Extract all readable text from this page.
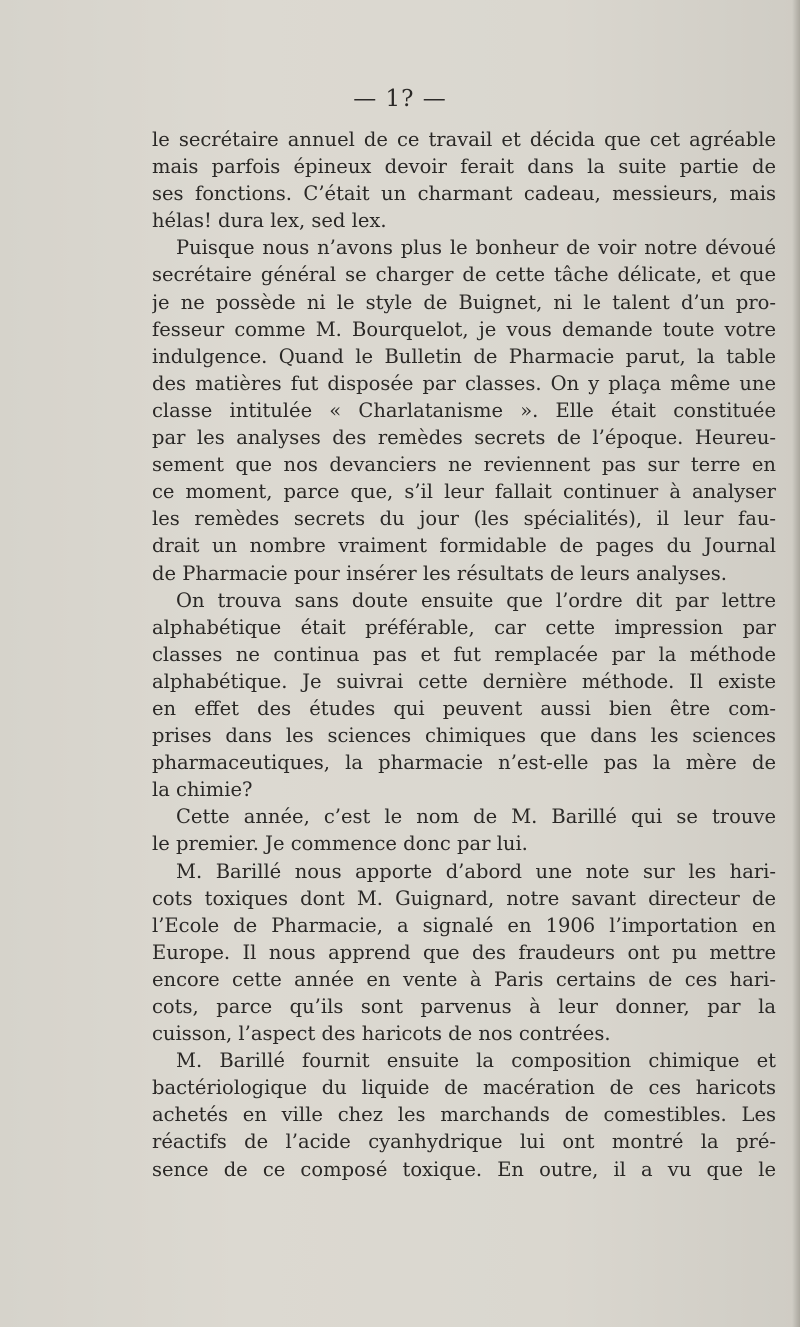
— 1? —
le secrétaire annuel de ce travail et décida que cet agréable
mais parfois épineux devoir ferait dans la suite partie de
ses fonctions. C’était un charmant cadeau, messieurs, mais
hélas! dura lex, sed lex.
Puisque nous n’avons plus le bonheur de voir notre dévoué
secrétaire général se charger de cette tâche délicate, et que
je ne possède ni le style de Buignet, ni le talent d’un pro-
fesseur comme M. Bourquelot, je vous demande toute votre
indulgence. Quand le Bulletin de Pharmacie parut, la table
des matières fut disposée par classes. On y plaça même une
classe intitulée « Charlatanisme ». Elle était constituée
par les analyses des remèdes secrets de l’époque. Heureu-
sement que nos devanciers ne reviennent pas sur terre en
ce moment, parce que, s’il leur fallait continuer à analyser
les remèdes secrets du jour (les spécialités), il leur fau-
drait un nombre vraiment formidable de pages du Journal
de Pharmacie pour insérer les résultats de leurs analyses.
On trouva sans doute ensuite que l’ordre dit par lettre
alphabétique était préférable, car cette impression par
classes ne continua pas et fut remplacée par la méthode
alphabétique. Je suivrai cette dernière méthode. Il existe
en effet des études qui peuvent aussi bien être com-
prises dans les sciences chimiques que dans les sciences
pharmaceutiques, la pharmacie n’est-elle pas la mère de
la chimie?
Cette année, c’est le nom de M. Barillé qui se trouve
le premier. Je commence donc par lui.
M. Barillé nous apporte d’abord une note sur les hari-
cots toxiques dont M. Guignard, notre savant directeur de
l’Ecole de Pharmacie, a signalé en 1906 l’importation en
Europe. Il nous apprend que des fraudeurs ont pu mettre
encore cette année en vente à Paris certains de ces hari-
cots, parce qu’ils sont parvenus à leur donner, par la
cuisson, l’aspect des haricots de nos contrées.
M. Barillé fournit ensuite la composition chimique et
bactériologique du liquide de macération de ces haricots
achetés en ville chez les marchands de comestibles. Les
réactifs de l’acide cyanhydrique lui ont montré la pré-
sence de ce composé toxique. En outre, il a vu que le
